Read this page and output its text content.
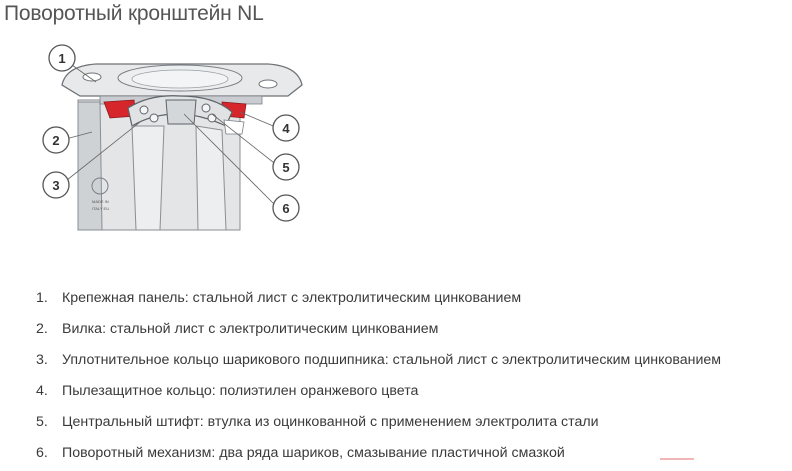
Поворотный кронштейн NL
MADE IN
ITALY EU
1
2
3
4
5
6
1. Крепежная панель: стальной лист с электролитическим цинкованием
2. Вилка: стальной лист с электролитическим цинкованием
3. Уплотнительное кольцо шарикового подшипника: стальной лист с электролитическим цинкованием
4. Пылезащитное кольцо: полиэтилен оранжевого цвета
5. Центральный штифт: втулка из оцинкованной с применением электролита стали
6. Поворотный механизм: два ряда шариков, смазывание пластичной смазкой
